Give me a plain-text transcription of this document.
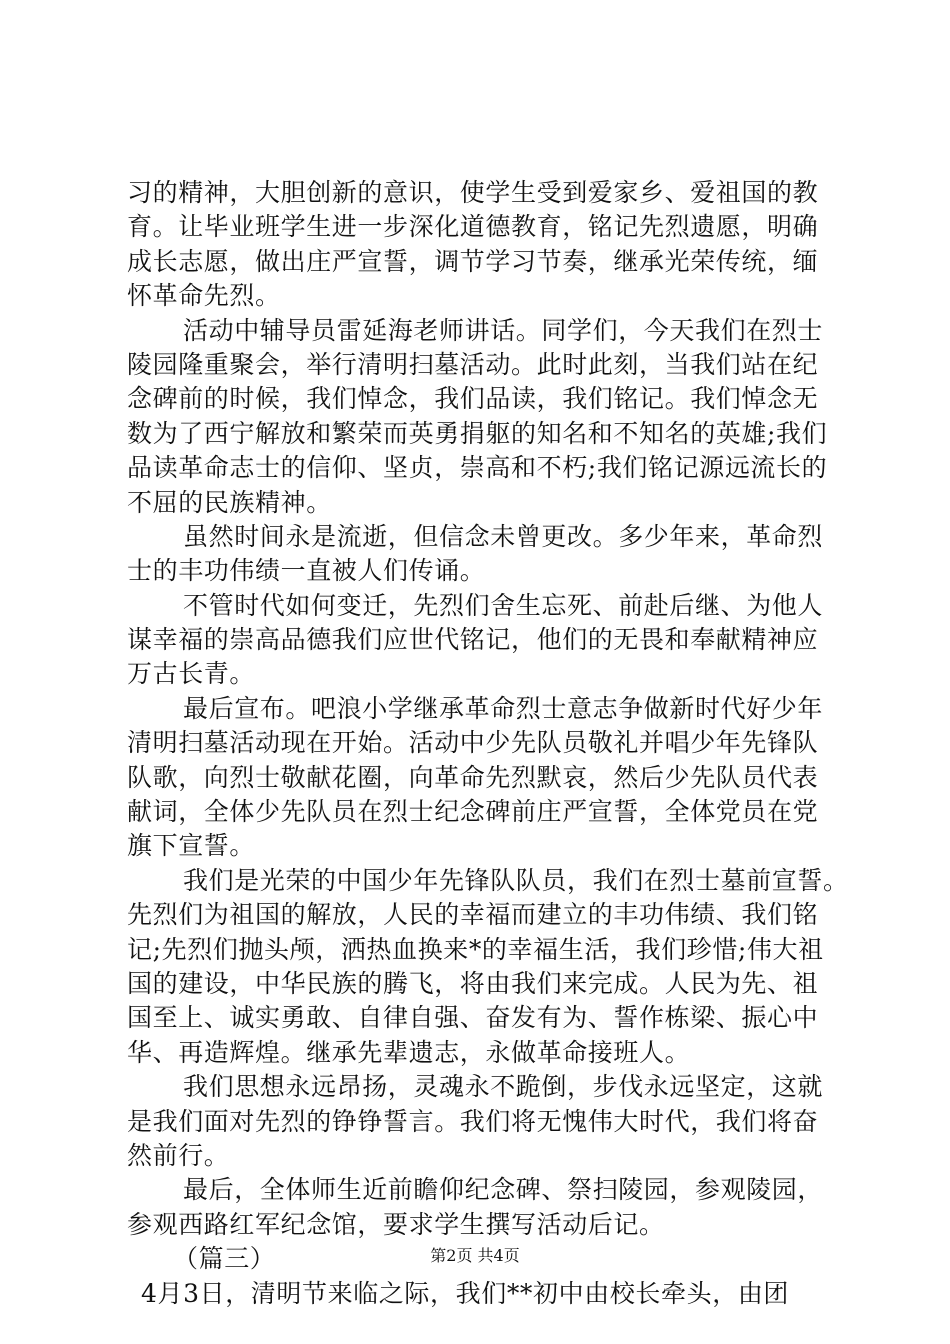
习的精神，大胆创新的意识，使学生受到爱家乡、爱祖国的教
育。让毕业班学生进一步深化道德教育，铭记先烈遗愿，明确
成长志愿，做出庄严宣誓，调节学习节奏，继承光荣传统，缅
怀革命先烈。
活动中辅导员雷延海老师讲话。同学们，今天我们在烈士
陵园隆重聚会，举行清明扫墓活动。此时此刻，当我们站在纪
念碑前的时候，我们悼念，我们品读，我们铭记。我们悼念无
数为了西宁解放和繁荣而英勇捐躯的知名和不知名的英雄;我们
品读革命志士的信仰、坚贞，崇高和不朽;我们铭记源远流长的
不屈的民族精神。
虽然时间永是流逝，但信念未曾更改。多少年来，革命烈
士的丰功伟绩一直被人们传诵。
不管时代如何变迁，先烈们舍生忘死、前赴后继、为他人
谋幸福的崇高品德我们应世代铭记，他们的无畏和奉献精神应
万古长青。
最后宣布。吧浪小学继承革命烈士意志争做新时代好少年
清明扫墓活动现在开始。活动中少先队员敬礼并唱少年先锋队
队歌，向烈士敬献花圈，向革命先烈默哀，然后少先队员代表
献词，全体少先队员在烈士纪念碑前庄严宣誓，全体党员在党
旗下宣誓。
我们是光荣的中国少年先锋队队员，我们在烈士墓前宣誓。
先烈们为祖国的解放，人民的幸福而建立的丰功伟绩、我们铭
记;先烈们抛头颅，洒热血换来*的幸福生活，我们珍惜;伟大祖
国的建设，中华民族的腾飞，将由我们来完成。人民为先、祖
国至上、诚实勇敢、自律自强、奋发有为、誓作栋梁、振心中
华、再造辉煌。继承先辈遗志，永做革命接班人。
我们思想永远昂扬，灵魂永不跪倒，步伐永远坚定，这就
是我们面对先烈的铮铮誓言。我们将无愧伟大时代，我们将奋
然前行。
最后，全体师生近前瞻仰纪念碑、祭扫陵园，参观陵园，
参观西路红军纪念馆，要求学生撰写活动后记。
（篇三）
4月3日，清明节来临之际，我们**初中由校长牵头，由团
第2页 共4页
